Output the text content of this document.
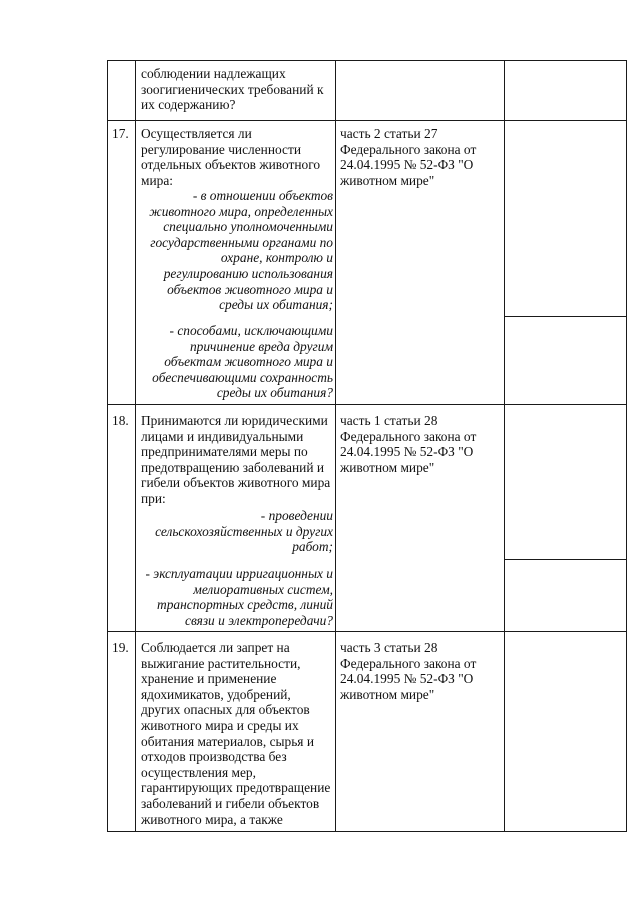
соблюдении надлежащих
зоогигиенических требований к
их содержанию?
17. Осуществляется ли
регулирование численности
отдельных объектов животного
мира:
- в отношении объектов
животного мира, определенных
специально уполномоченными
государственными органами по
охране, контролю и
регулированию использования
объектов животного мира и
среды их обитания;
- способами, исключающими
причинение вреда другим
объектам животного мира и
обеспечивающими сохранность
среды их обитания?
часть 2 статьи 27
Федерального закона от
24.04.1995 № 52-ФЗ "О
животном мире"
18. Принимаются ли юридическими
лицами и индивидуальными
предпринимателями меры по
предотвращению заболеваний и
гибели объектов животного мира
при:
- проведении
сельскохозяйственных и других
работ;
- эксплуатации ирригационных и
мелиоративных систем,
транспортных средств, линий
связи и электропередачи?
часть 1 статьи 28
Федерального закона от
24.04.1995 № 52-ФЗ "О
животном мире"
19. Соблюдается ли запрет на
выжигание растительности,
хранение и применение
ядохимикатов, удобрений,
других опасных для объектов
животного мира и среды их
обитания материалов, сырья и
отходов производства без
осуществления мер,
гарантирующих предотвращение
заболеваний и гибели объектов
животного мира, а также
часть 3 статьи 28
Федерального закона от
24.04.1995 № 52-ФЗ "О
животном мире"
